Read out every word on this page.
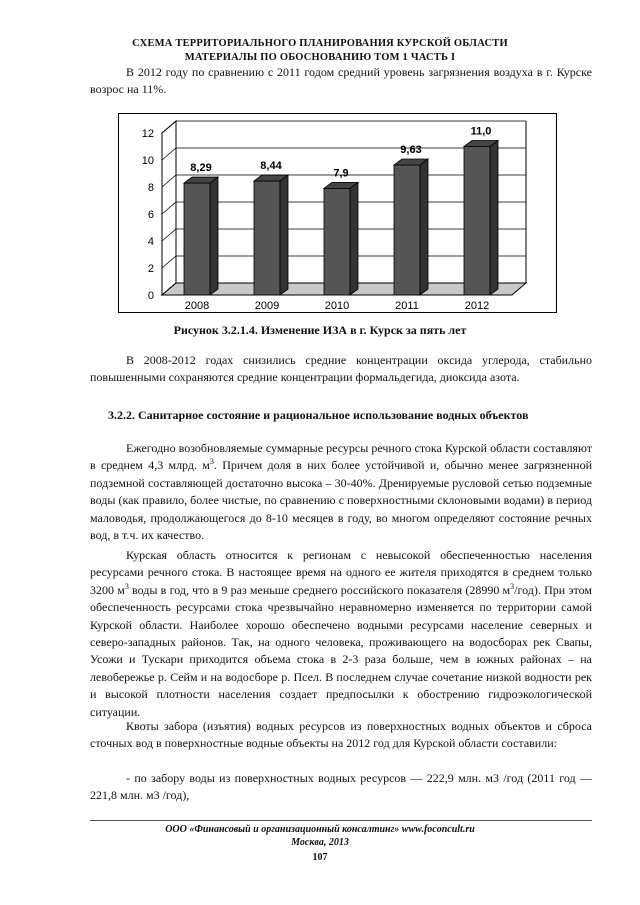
СХЕМА ТЕРРИТОРИАЛЬНОГО ПЛАНИРОВАНИЯ КУРСКОЙ ОБЛАСТИ
МАТЕРИАЛЫ ПО ОБОСНОВАНИЮ ТОМ 1 ЧАСТЬ I

В 2012 году по сравнению с 2011 годом средний уровень загрязнения воздуха в г. Курске возрос на 11%.

0
2
4
6
8
10
12
8,29	8,44
7,9
9,63
11,0
2008	2009	2010	2011	2012
Рисунок 3.2.1.4. Изменение ИЗА в г. Курск за пять лет

В 2008-2012 годах снизились средние концентрации оксида углерода, стабильно повышенными сохраняются средние концентрации формальдегида, диоксида азота.

3.2.2. Санитарное состояние и рациональное использование водных объектов

Ежегодно возобновляемые суммарные ресурсы речного стока Курской области составляют в среднем 4,3 млрд. $м^3$. Причем доля в них более устойчивой и, обычно менее загрязненной подземной составляющей достаточно высока – 30-40%. Дренируемые русловой сетью подземные воды (как правило, более чистые, по сравнению с поверхностными склоновыми водами) в период маловодья, продолжающегося до 8-10 месяцев в году, во многом определяют состояние речных вод, в т.ч. их качество.

Курская область относится к регионам с невысокой обеспеченностью населения ресурсами речного стока. В настоящее время на одного ее жителя приходятся в среднем только 3200 $м^3$ воды в год, что в 9 раз меньше среднего российского показателя (28990 $м^3/год$). При этом обеспеченность ресурсами стока чрезвычайно неравномерно изменяется по территории самой Курской области. Наиболее хорошо обеспечено водными ресурсами население северных и северо-западных районов. Так, на одного человека, проживающего на водосборах рек Свапы, Усожи и Тускари приходится объема стока в 2-3 раза больше, чем в южных районах – на левобережье р. Сейм и на водосборе р. Псел. В последнем случае сочетание низкой водности рек и высокой плотности населения создает предпосылки к обострению гидроэкологической ситуации.

Квоты забора (изъятия) водных ресурсов из поверхностных водных объектов и сброса сточных вод в поверхностные водные объекты на 2012 год для Курской области составили:

- по забору воды из поверхностных водных ресурсов — 222,9 млн. м3 /год (2011 год — 221,8 млн. м3 /год),

ООО «Финансовый и организационный консалтинг» www.foconcult.ru
Москва, 2013
107
